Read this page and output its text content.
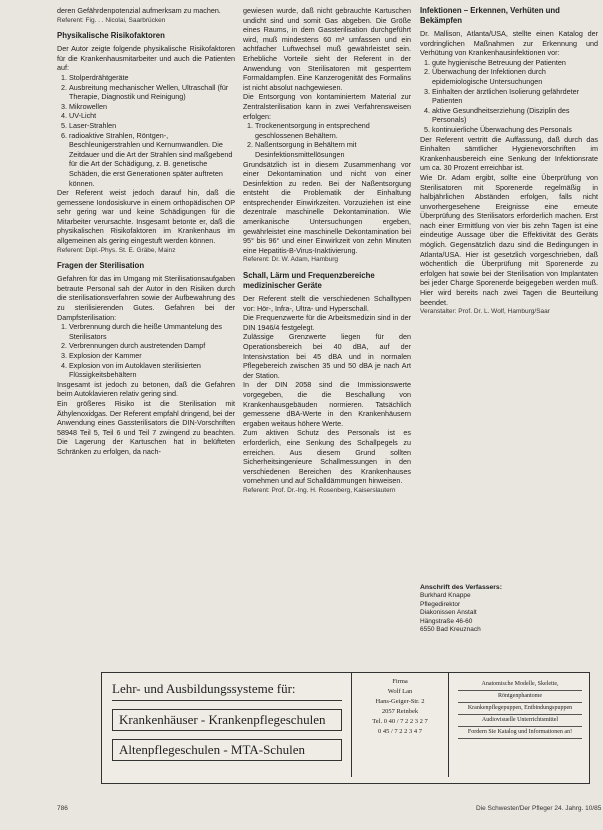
deren Gefährdenpotenzial aufmerksam zu machen.

Referent: Fig. . . Nicolai, Saarbrücken

Physikalische Risikofaktoren

Der Autor zeigte folgende physikalische Risikofaktoren für die Krankenhausmitarbeiter und auch die Patienten auf:

1. Stolperdrähtgeräte
2. Ausbreitung mechanischer Wellen, Ultraschall (für Therapie, Diagnostik und Reinigung)
3. Mikrowellen
4. UV-Licht
5. Laser-Strahlen
6. radioaktive Strahlen, Röntgen-, Beschleunigerstrahlen und Kernumwandlen. Die Zeitdauer und die Art der Strahlen sind maßgebend für die Art der Schädigung, z. B. genetische Schäden, die erst Generationen später auftreten können.

Der Referent weist jedoch darauf hin, daß die gemessene Iondosiskurve in einem orthopädischen OP sehr gering war und keine Schädigungen für die Mitarbeiter verursachte. Insgesamt betonte er, daß die physikalischen Risikofaktoren im Krankenhaus im allgemeinen als gering eingestuft werden können.

Referent: Dipl.-Phys. St. E. Gräbe, Mainz

Fragen der Sterilisation

Gefahren für das im Umgang mit Sterilisationsaufgaben betraute Personal sah der Autor in den Risiken durch die sterilisationsverfahren sowie der Aufbewahrung des zu sterilisierenden Gutes. Gefahren bei der Dampfsterilisation:

1. Verbrennung durch die heiße Ummantelung des Sterilisators
2. Verbrennungen durch austretenden Dampf
3. Explosion der Kammer
4. Explosion von im Autoklaven sterilisierten Flüssigkeitsbehältern

Insgesamt ist jedoch zu betonen, daß die Gefahren beim Autoklavieren relativ gering sind.

Ein größeres Risiko ist die Sterilisation mit Äthylenoxidgas. Der Referent empfahl dringend, bei der Anwendung eines Gassterilisators die DIN-Vorschriften 58948 Teil 5, Teil 6 und Teil 7 zwingend zu beachten. Die Lagerung der Kartuschen hat in belüfteten Schränken zu erfolgen, da nach-

gewiesen wurde, daß nicht gebrauchte Kartuschen undicht sind und somit Gas abgeben. Die Größe eines Raums, in dem Gassterilisation durchgeführt wird, muß mindestens 60 m³ umfassen und ein achtfacher Luftwechsel muß gewährleistet sein. Erhebliche Vorteile sieht der Referent in der Anwendung von Sterilisatoren mit gesperrtem Formaldampfen. Eine Kanzerogenität des Formalins ist nicht absolut nachgewiesen.

Die Entsorgung von kontaminiertem Material zur Zentralsterilisation kann in zwei Verfahrensweisen erfolgen:

1. Trockenentsorgung in entsprechend geschlossenen Behältern.
2. Naßentsorgung in Behältern mit Desinfektionsmittellösungen

Grundsätzlich ist in diesem Zusammenhang vor einer Dekontamination und nicht von einer Desinfektion zu reden. Bei der Naßentsorgung entsteht die Problematik der Einhaltung entsprechender Einwirkzeiten. Vorzuziehen ist eine dezentrale maschinelle Dekontamination. Wie amerikanische Untersuchungen ergeben, gewährleistet eine maschinelle Dekontamination bei 95° bis 96° und einer Einwirkzeit von zehn Minuten eine Hepatitis-B-Virus-Inaktivierung.

Referent: Dr. W. Adam, Hamburg

Schall, Lärm und Frequenzbereiche medizinischer Geräte

Der Referent stellt die verschiedenen Schalltypen vor: Hör-, Infra-, Ultra- und Hyperschall.

Die Frequenzwerte für die Arbeitsmedizin sind in der DIN 1946/4 festgelegt.

Zulässige Grenzwerte liegen für den Operationsbereich bei 40 dBA, auf der Intensivstation bei 45 dBA und in normalen Pflegebereich zwischen 35 und 50 dBA je nach Art der Station.

In der DIN 2058 sind die Immissionswerte vorgegeben, die die Beschallung von Krankenhausgebäuden normieren. Tatsächlich gemessene dBA-Werte in den Krankenhäusern ergaben weitaus höhere Werte.

Zum aktiven Schutz des Personals ist es erforderlich, eine Senkung des Schallpegels zu erreichen. Aus diesem Grund sollten Sicherheitsingenieure Schallmessungen in den verschiedenen Bereichen des Krankenhauses vornehmen und auf Schalldämmungen hinweisen.

Referent: Prof. Dr.-Ing. H. Rosenberg, Kaiserslautern

Infektionen – Erkennen, Verhüten und Bekämpfen

Dr. Mallison, Atlanta/USA, stellte einen Katalog der vordringlichen Maßnahmen zur Erkennung und Verhütung von Krankenhausinfektionen vor:

1. gute hygienische Betreuung der Patienten
2. Überwachung der Infektionen durch epidemiologische Untersuchungen
3. Einhalten der ärztlichen Isolierung gefährdeter Patienten
4. aktive Gesundheitserziehung (Disziplin des Personals)
5. kontinuierliche Überwachung des Personals

Der Referent vertritt die Auffassung, daß durch das Einhalten sämtlicher Hygienevorschriften im Krankenhausbereich eine Senkung der Infektionsrate um ca. 30 Prozent erreichbar ist.

Wie Dr. Adam ergibt, sollte eine Überprüfung von Sterilisatoren mit Sporenerde regelmäßig in halbjährlichen Abständen erfolgen, falls nicht unvorhergesehene Ereignisse eine erneute Überprüfung des Sterilisators erforderlich machen. Erst nach einer Ermittlung von vier bis zehn Tagen ist eine eindeutige Aussage über die Effektivität des Geräts möglich. Gegensätzlich dazu sind die Bedingungen in Atlanta/USA. Hier ist gesetzlich vorgeschrieben, daß wöchentlich die Überprüfung mit Sporenerde zu erfolgen hat sowie bei der Sterilisation von Implantaten bei jeder Charge Sporenerde beigegeben werden muß. Hier wird bereits nach zwei Tagen die Beurteilung beendet.

Veranstalter: Prof. Dr. L. Wolf, Hamburg/Saar

Anschrift des Verfassers:
Burkhard Knappe
Pflegedirektor
Diakonissen Anstalt
Hängstraße 46-60
6550 Bad Kreuznach
Lehr- und Ausbildungssysteme für:
Krankenhäuser - Krankenpflegeschulen
Altenpflegeschulen - MTA-Schulen
Firma
Wolf Lan
Hans-Geiger-Str. 2
2057 Reinbek
Tel. 0 40 / 7 2 2 3 2 7
0 45 / 7 2 2 3 4 7
Anatomische Modelle, Skelette,
Röntgenphantome
Krankenpflegepuppen, Entbindungspuppen
Audiovisuelle Unterrichtsmittel
Fordern Sie Katalog und Informationen an!
786	Die Schwester/Der Pfleger 24. Jahrg. 10/85
